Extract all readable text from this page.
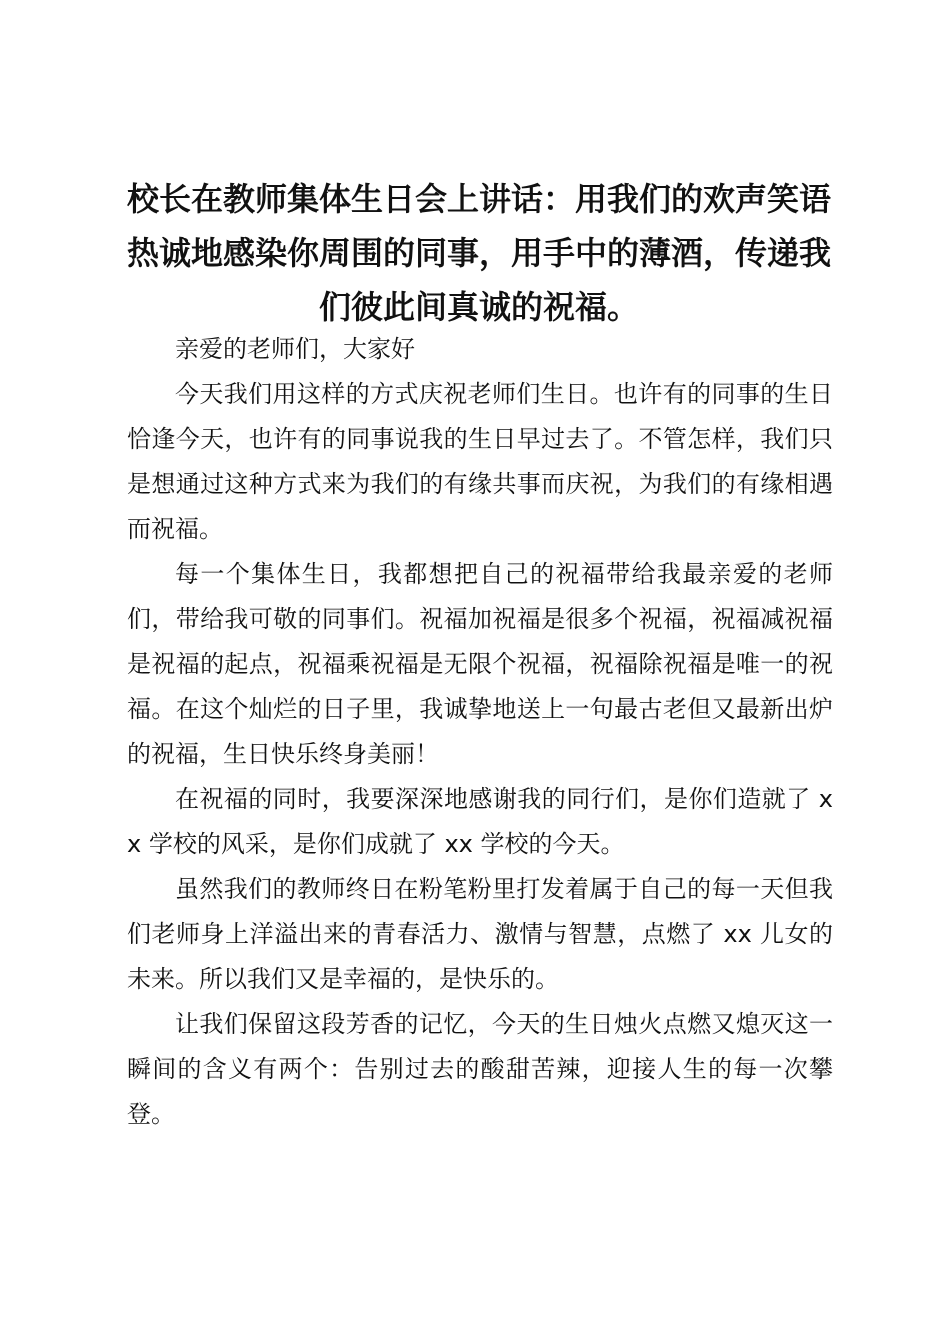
校长在教师集体生日会上讲话：用我们的欢声笑语热诚地感染你周围的同事，用手中的薄酒，传递我们彼此间真诚的祝福。

亲爱的老师们，大家好

今天我们用这样的方式庆祝老师们生日。也许有的同事的生日恰逢今天，也许有的同事说我的生日早过去了。不管怎样，我们只是想通过这种方式来为我们的有缘共事而庆祝，为我们的有缘相遇而祝福。

每一个集体生日，我都想把自己的祝福带给我最亲爱的老师们，带给我可敬的同事们。祝福加祝福是很多个祝福，祝福减祝福是祝福的起点，祝福乘祝福是无限个祝福，祝福除祝福是唯一的祝福。在这个灿烂的日子里，我诚挚地送上一句最古老但又最新出炉的祝福，生日快乐终身美丽！

在祝福的同时，我要深深地感谢我的同行们，是你们造就了 xx 学校的风采，是你们成就了 xx 学校的今天。

虽然我们的教师终日在粉笔粉里打发着属于自己的每一天但我们老师身上洋溢出来的青春活力、激情与智慧，点燃了 xx 儿女的未来。所以我们又是幸福的，是快乐的。

让我们保留这段芳香的记忆，今天的生日烛火点燃又熄灭这一瞬间的含义有两个：告别过去的酸甜苦辣，迎接人生的每一次攀登。
